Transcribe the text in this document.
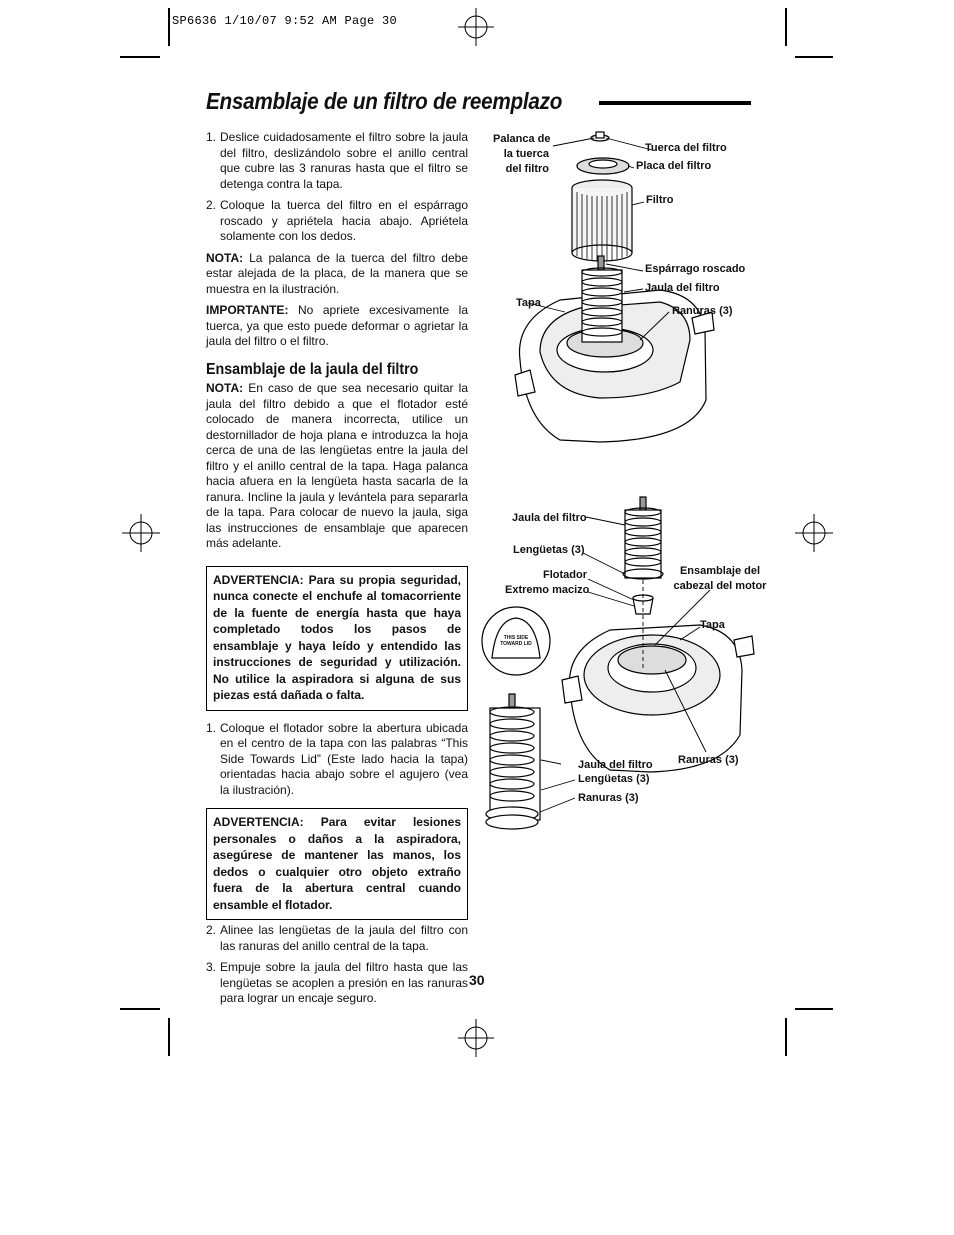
SP6636 1/10/07 9:52 AM Page 30
Ensamblaje de un filtro de reemplazo
1. Deslice cuidadosamente el filtro sobre la jaula del filtro, deslizándolo sobre el anillo central que cubre las 3 ranuras hasta que el filtro se detenga contra la tapa.
2. Coloque la tuerca del filtro en el espárrago roscado y apriétela hacia abajo. Apriétela solamente con los dedos.

NOTA: La palanca de la tuerca del filtro debe estar alejada de la placa, de la manera que se muestra en la ilustración.

IMPORTANTE: No apriete excesivamente la tuerca, ya que esto puede deformar o agrietar la jaula del filtro o el filtro.

Ensamblaje de la jaula del filtro

NOTA: En caso de que sea necesario quitar la jaula del filtro debido a que el flotador esté colocado de manera incorrecta, utilice un destornillador de hoja plana e introduzca la hoja cerca de una de las lengüetas entre la jaula del filtro y el anillo central de la tapa. Haga palanca hacia afuera en la lengüeta hasta sacarla de la ranura. Incline la jaula y levántela para separarla de la tapa. Para colocar de nuevo la jaula, siga las instrucciones de ensamblaje que aparecen más adelante.

ADVERTENCIA: Para su propia seguridad, nunca conecte el enchufe al tomacorriente de la fuente de energía hasta que haya completado todos los pasos de ensamblaje y haya leído y entendido las instrucciones de seguridad y utilización. No utilice la aspiradora si alguna de sus piezas está dañada o falta.
1. Coloque el flotador sobre la abertura ubicada en el centro de la tapa con las palabras “This Side Towards Lid” (Este lado hacia la tapa) orientadas hacia abajo sobre el agujero (vea la ilustración).
ADVERTENCIA: Para evitar lesiones personales o daños a la aspiradora, asegúrese de mantener las manos, los dedos o cualquier otro objeto extraño fuera de la abertura central cuando ensamble el flotador.
2. Alinee las lengüetas de la jaula del filtro con las ranuras del anillo central de la tapa.
3. Empuje sobre la jaula del filtro hasta que las lengüetas se acoplen a presión en las ranuras para lograr un encaje seguro.
30
Palanca de
la tuerca
del filtro
Tuerca del filtro
Placa del filtro
Filtro
Espárrago roscado
Jaula del filtro
Tapa
Ranuras (3)
Jaula del filtro
Lengüetas (3)
Flotador
Extremo macizo
Ensamblaje del
cabezal del motor
Tapa
THIS SIDE
TOWARD LID
Ranuras (3)
Jaula del filtro
Lengüetas (3)
Ranuras (3)
